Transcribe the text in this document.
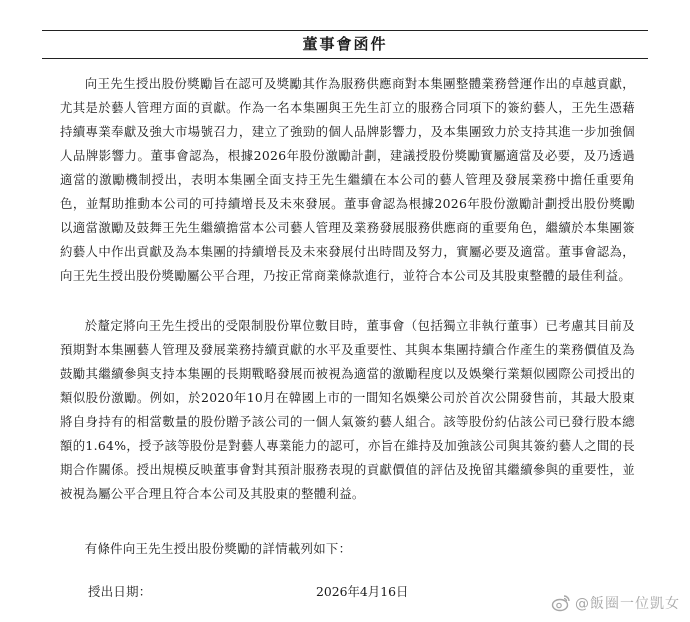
董事會函件
向王先生授出股份獎勵旨在認可及獎勵其作為服務供應商對本集團整體業務營運作出的卓越貢獻，尤其是於藝人管理方面的貢獻。作為一名本集團與王先生訂立的服務合同項下的簽約藝人，王先生憑藉持續專業奉獻及強大市場號召力，建立了強勁的個人品牌影響力，及本集團致力於支持其進一步加強個人品牌影響力。董事會認為，根據2026年股份激勵計劃，建議授股份獎勵實屬適當及必要，及乃透過適當的激勵機制授出，表明本集團全面支持王先生繼續在本公司的藝人管理及發展業務中擔任重要角色，並幫助推動本公司的可持續增長及未來發展。董事會認為根據2026年股份激勵計劃授出股份獎勵以適當激勵及鼓舞王先生繼續擔當本公司藝人管理及業務發展服務供應商的重要角色，繼續於本集團簽約藝人中作出貢獻及為本集團的持續增長及未來發展付出時間及努力，實屬必要及適當。董事會認為，向王先生授出股份獎勵屬公平合理，乃按正常商業條款進行，並符合本公司及其股東整體的最佳利益。
於釐定將向王先生授出的受限制股份單位數目時，董事會（包括獨立非執行董事）已考慮其目前及預期對本集團藝人管理及發展業務持續貢獻的水平及重要性、其與本集團持續合作產生的業務價值及為鼓勵其繼續參與支持本集團的長期戰略發展而被視為適當的激勵程度以及娛樂行業類似國際公司授出的類似股份激勵。例如，於2020年10月在韓國上市的一間知名娛樂公司於首次公開發售前，其最大股東將自身持有的相當數量的股份贈予該公司的一個人氣簽約藝人組合。該等股份約佔該公司已發行股本總額的1.64%，授予該等股份是對藝人專業能力的認可，亦旨在維持及加強該公司與其簽約藝人之間的長期合作關係。授出規模反映董事會對其預計服務表現的貢獻價值的評估及挽留其繼續參與的重要性，並被視為屬公平合理且符合本公司及其股東的整體利益。
有條件向王先生授出股份獎勵的詳情載列如下：
授出日期：	2026年4月16日
@飯圈一位凱女
